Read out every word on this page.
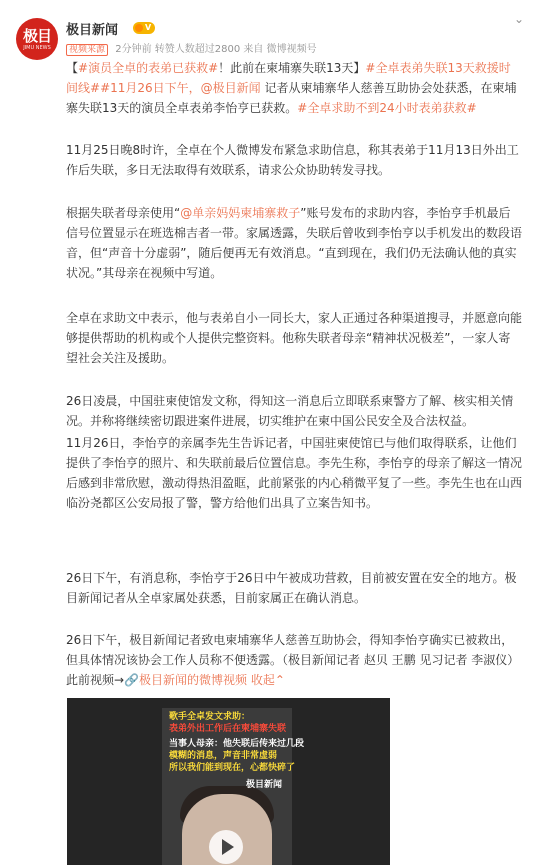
极目
JIMU NEWS
极目新闻	V
⌄
视频来源 2分钟前 转赞人数超过2800 来自 微博视频号
【#演员全卓的表弟已获救#！此前在柬埔寨失联13天】#全卓表弟失联13天救援时间线##11月26日下午，@极目新闻 记者从柬埔寨华人慈善互助协会处获悉，在柬埔寨失联13天的演员全卓表弟李怡亨已获救。#全卓求助不到24小时表弟获救#
11月25日晚8时许，全卓在个人微博发布紧急求助信息，称其表弟于11月13日外出工作后失联，多日无法取得有效联系，请求公众协助转发寻找。
根据失联者母亲使用“@单亲妈妈柬埔寨救子”账号发布的求助内容，李怡亨手机最后信号位置显示在班选棉吉者一带。家属透露，失联后曾收到李怡亨以手机发出的数段语音，但“声音十分虚弱”，随后便再无有效消息。“直到现在，我们仍无法确认他的真实状况。”其母亲在视频中写道。
全卓在求助文中表示，他与表弟自小一同长大，家人正通过各种渠道搜寻，并愿意向能够提供帮助的机构或个人提供完整资料。他称失联者母亲“精神状况极差”，一家人寄望社会关注及援助。
26日凌晨，中国驻柬使馆发文称，得知这一消息后立即联系柬警方了解、核实相关情况。并称将继续密切跟进案件进展，切实维护在柬中国公民安全及合法权益。
11月26日，李怡亨的亲属李先生告诉记者，中国驻柬使馆已与他们取得联系，让他们提供了李怡亨的照片、和失联前最后位置信息。李先生称，李怡亨的母亲了解这一情况后感到非常欣慰，激动得热泪盈眶，此前紧张的内心稍微平复了一些。李先生也在山西临汾尧都区公安局报了警，警方给他们出具了立案告知书。
26日下午，有消息称，李怡亨于26日中午被成功营救，目前被安置在安全的地方。极目新闻记者从全卓家属处获悉，目前家属正在确认消息。
26日下午，极目新闻记者致电柬埔寨华人慈善互助协会，得知李怡亨确实已被救出，但具体情况该协会工作人员称不便透露。（极目新闻记者 赵贝 王鹏 见习记者 李淑仪）此前视频→🔗极目新闻的微博视频 收起⌃
歌手全卓发文求助：
表弟外出工作后在柬埔寨失联
当事人母亲：他失联后传来过几段
模糊的消息，声音非常虚弱
所以我们能到现在，心都快碎了
极目新闻
